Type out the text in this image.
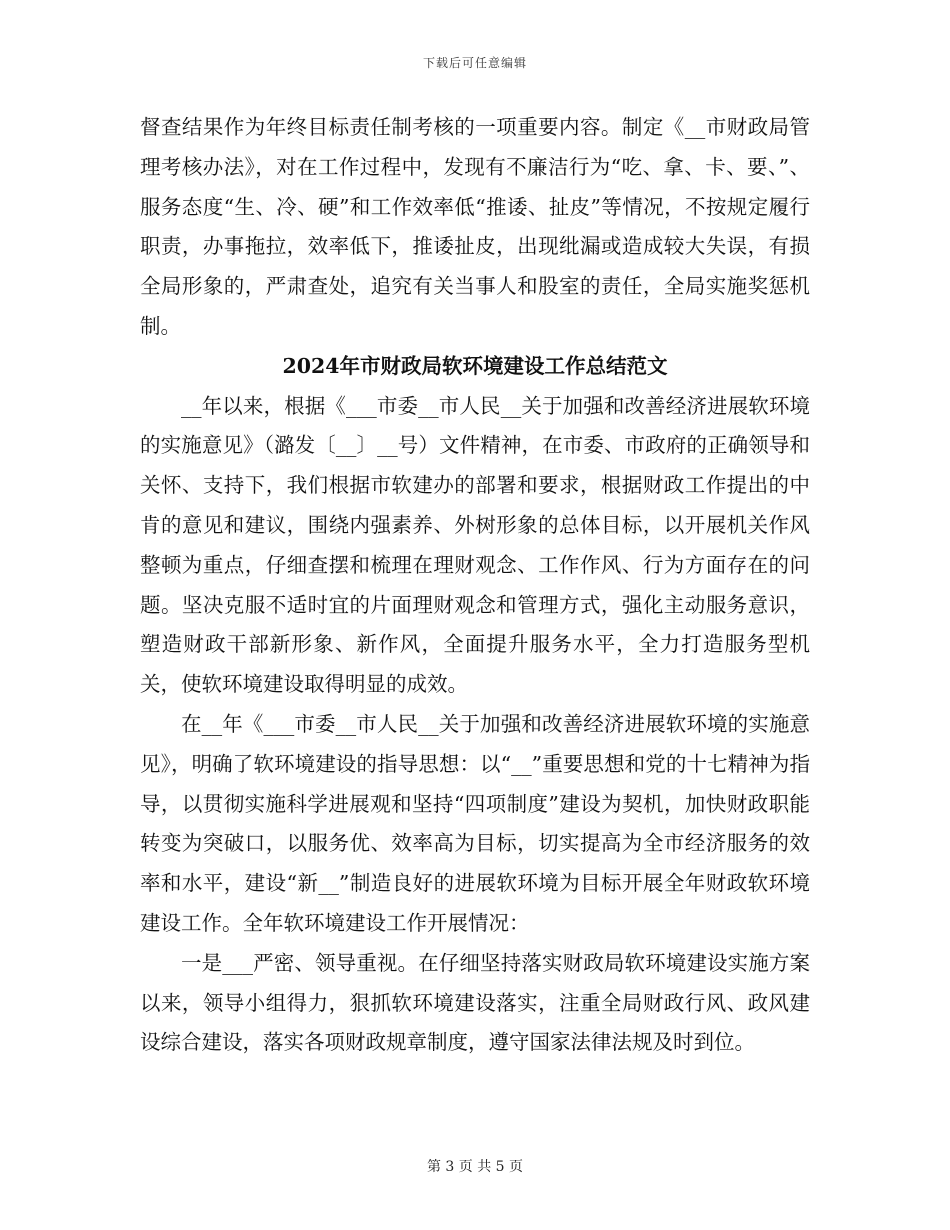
下载后可任意编辑

督查结果作为年终目标责任制考核的一项重要内容。制定《__市财政局管理考核办法》，对在工作过程中，发现有不廉洁行为“吃、拿、卡、要、”、服务态度“生、冷、硬”和工作效率低“推诿、扯皮”等情况，不按规定履行职责，办事拖拉，效率低下，推诿扯皮，出现纰漏或造成较大失误，有损全局形象的，严肃查处，追究有关当事人和股室的责任，全局实施奖惩机制。

2024年市财政局软环境建设工作总结范文

__年以来，根据《___市委__市人民__关于加强和改善经济进展软环境的实施意见》（潞发〔__〕__号）文件精神，在市委、市政府的正确领导和关怀、支持下，我们根据市软建办的部署和要求，根据财政工作提出的中肯的意见和建议，围绕内强素养、外树形象的总体目标，以开展机关作风整顿为重点，仔细查摆和梳理在理财观念、工作作风、行为方面存在的问题。坚决克服不适时宜的片面理财观念和管理方式，强化主动服务意识，塑造财政干部新形象、新作风，全面提升服务水平，全力打造服务型机关，使软环境建设取得明显的成效。

在__年《___市委__市人民__关于加强和改善经济进展软环境的实施意见》，明确了软环境建设的指导思想：以“__”重要思想和党的十七精神为指导，以贯彻实施科学进展观和坚持“四项制度”建设为契机，加快财政职能转变为突破口，以服务优、效率高为目标，切实提高为全市经济服务的效率和水平，建设“新__”制造良好的进展软环境为目标开展全年财政软环境建设工作。全年软环境建设工作开展情况：

一是___严密、领导重视。在仔细坚持落实财政局软环境建设实施方案以来，领导小组得力，狠抓软环境建设落实，注重全局财政行风、政风建设综合建设，落实各项财政规章制度，遵守国家法律法规及时到位。

第 3 页 共 5 页
